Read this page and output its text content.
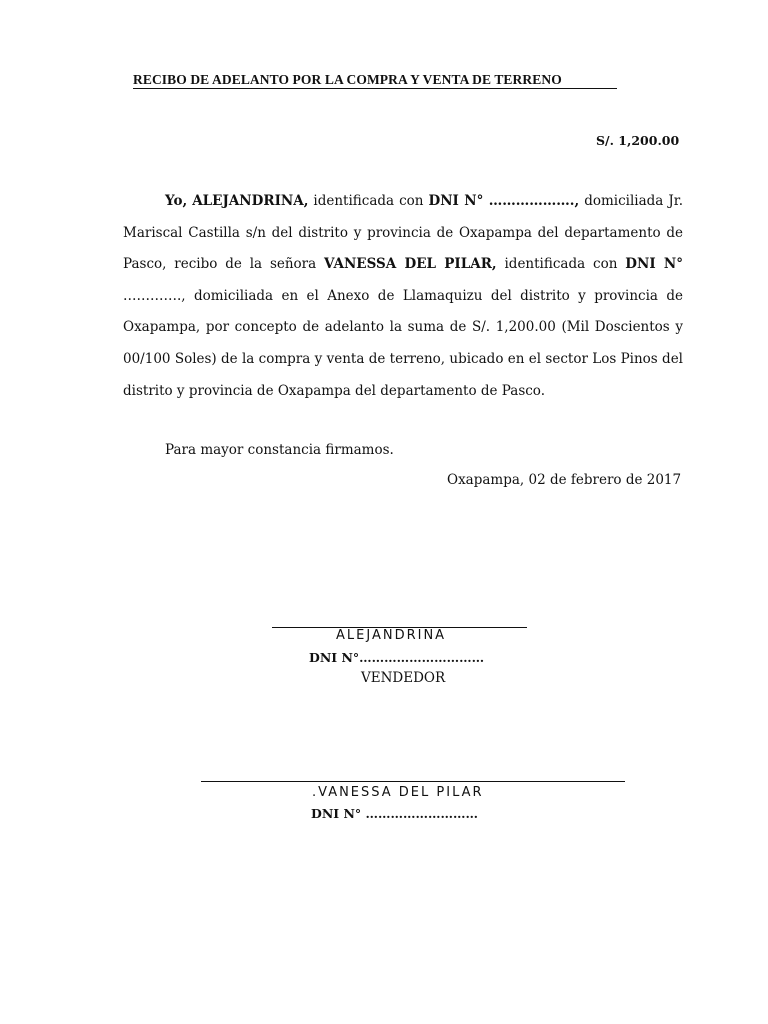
RECIBO DE ADELANTO POR LA COMPRA Y VENTA DE TERRENO
S/. 1,200.00

Yo, ALEJANDRINA, identificada con DNI N° ………………., domiciliada Jr. Mariscal Castilla s/n del distrito y provincia de Oxapampa del departamento de Pasco, recibo de la señora VANESSA DEL PILAR, identificada con DNI N° …………., domiciliada en el Anexo de Llamaquizu del distrito y provincia de Oxapampa, por concepto de adelanto la suma de S/. 1,200.00 (Mil Doscientos y 00/100 Soles) de la compra y venta de terreno, ubicado en el sector Los Pinos del distrito y provincia de Oxapampa del departamento de Pasco.

Para mayor constancia firmamos.
Oxapampa, 02 de febrero de 2017
ALEJANDRINA
DNI N°…………………………
VENDEDOR
.VANESSA DEL PILAR
DNI N° ………………………
